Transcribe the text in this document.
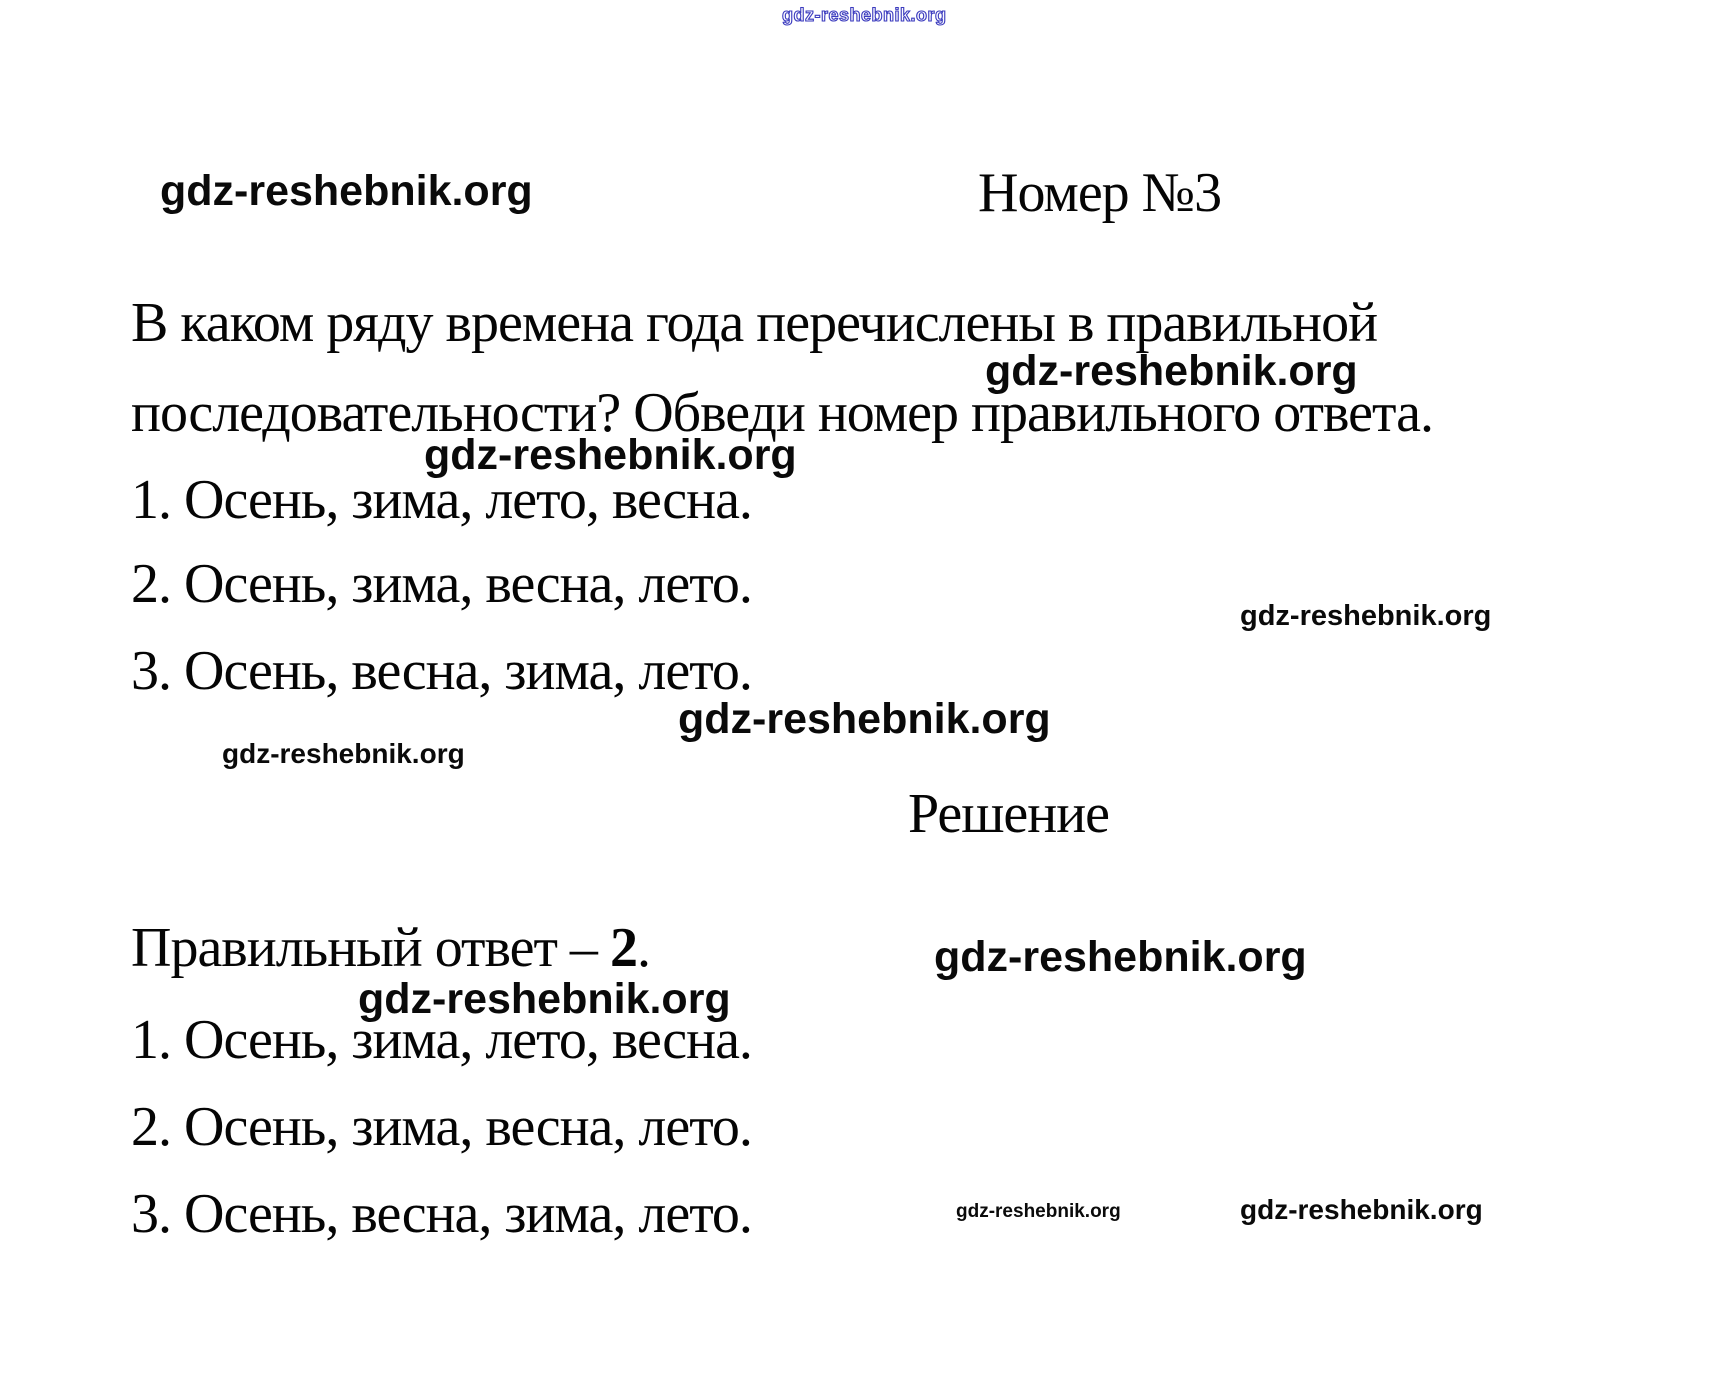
gdz-reshebnik.org
gdz-reshebnik.org	Номер №3
В каком ряду времена года перечислены в правильной
gdz-reshebnik.org
последовательности? Обведи номер правильного ответа.
gdz-reshebnik.org
1. Осень, зима, лето, весна.
2. Осень, зима, весна, лето.
3. Осень, весна, зима, лето.
gdz-reshebnik.org
gdz-reshebnik.org
gdz-reshebnik.org
Решение
Правильный ответ – 2.	gdz-reshebnik.org
gdz-reshebnik.org
1. Осень, зима, лето, весна.
2. Осень, зима, весна, лето.
3. Осень, весна, зима, лето.	gdz-reshebnik.org	gdz-reshebnik.org
